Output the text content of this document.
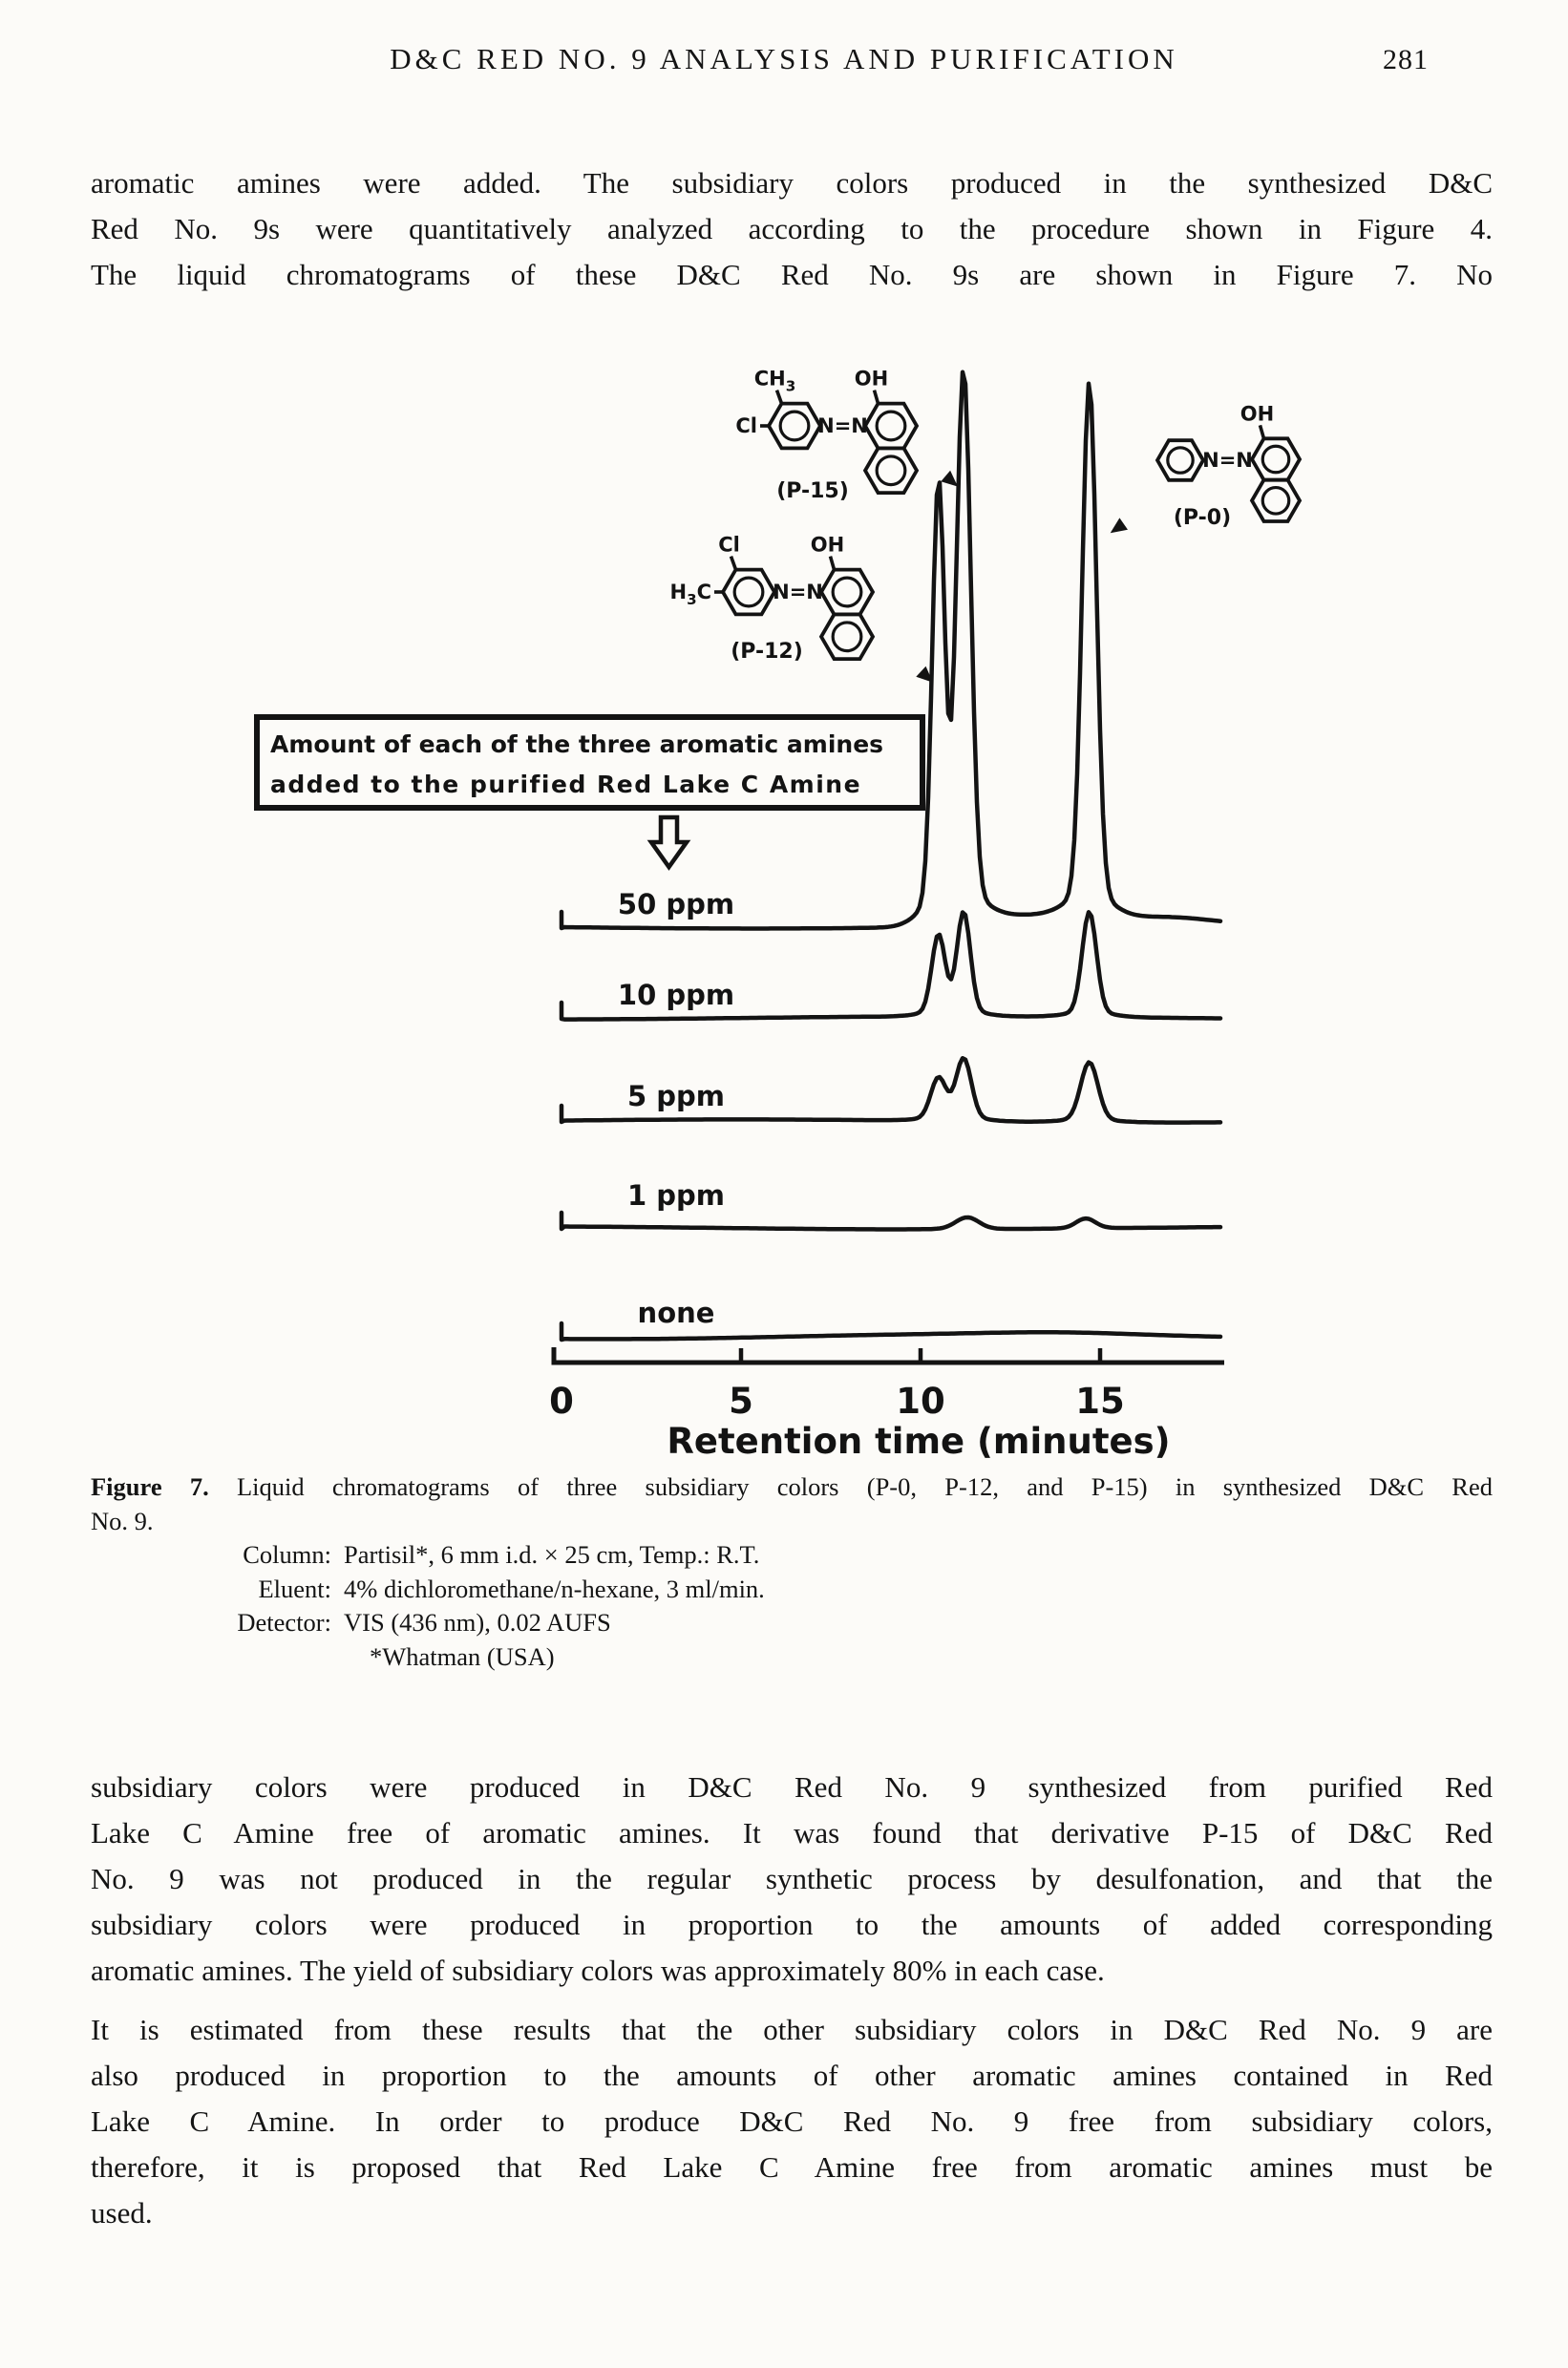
D&C RED NO. 9 ANALYSIS AND PURIFICATION	281
aromatic amines were added. The subsidiary colors produced in the synthesized D&C
Red No. 9s were quantitatively analyzed according to the procedure shown in Figure 4.
The liquid chromatograms of these D&C Red No. 9s are shown in Figure 7. No
Amount of each of the three aromatic amines
added to the purified Red Lake C Amine
N=N
OH
$CH_3$
Cl
(P-15)
N=N
OH
Cl
$H_3C$
(P-12)
N=N
OH
(P-0)
50 ppm
10 ppm
5 ppm
1 ppm
none
0	5	10	15
Retention time (minutes)
Figure 7. Liquid chromatograms of three subsidiary colors (P-0, P-12, and P-15) in synthesized D&C Red
No. 9.
Column: Partisil*, 6 mm i.d. × 25 cm, Temp.: R.T.
Eluent: 4% dichloromethane/n-hexane, 3 ml/min.
Detector: VIS (436 nm), 0.02 AUFS
*Whatman (USA)
subsidiary colors were produced in D&C Red No. 9 synthesized from purified Red
Lake C Amine free of aromatic amines. It was found that derivative P-15 of D&C Red
No. 9 was not produced in the regular synthetic process by desulfonation, and that the
subsidiary colors were produced in proportion to the amounts of added corresponding
aromatic amines. The yield of subsidiary colors was approximately 80% in each case.
It is estimated from these results that the other subsidiary colors in D&C Red No. 9 are
also produced in proportion to the amounts of other aromatic amines contained in Red
Lake C Amine. In order to produce D&C Red No. 9 free from subsidiary colors,
therefore, it is proposed that Red Lake C Amine free from aromatic amines must be
used.
